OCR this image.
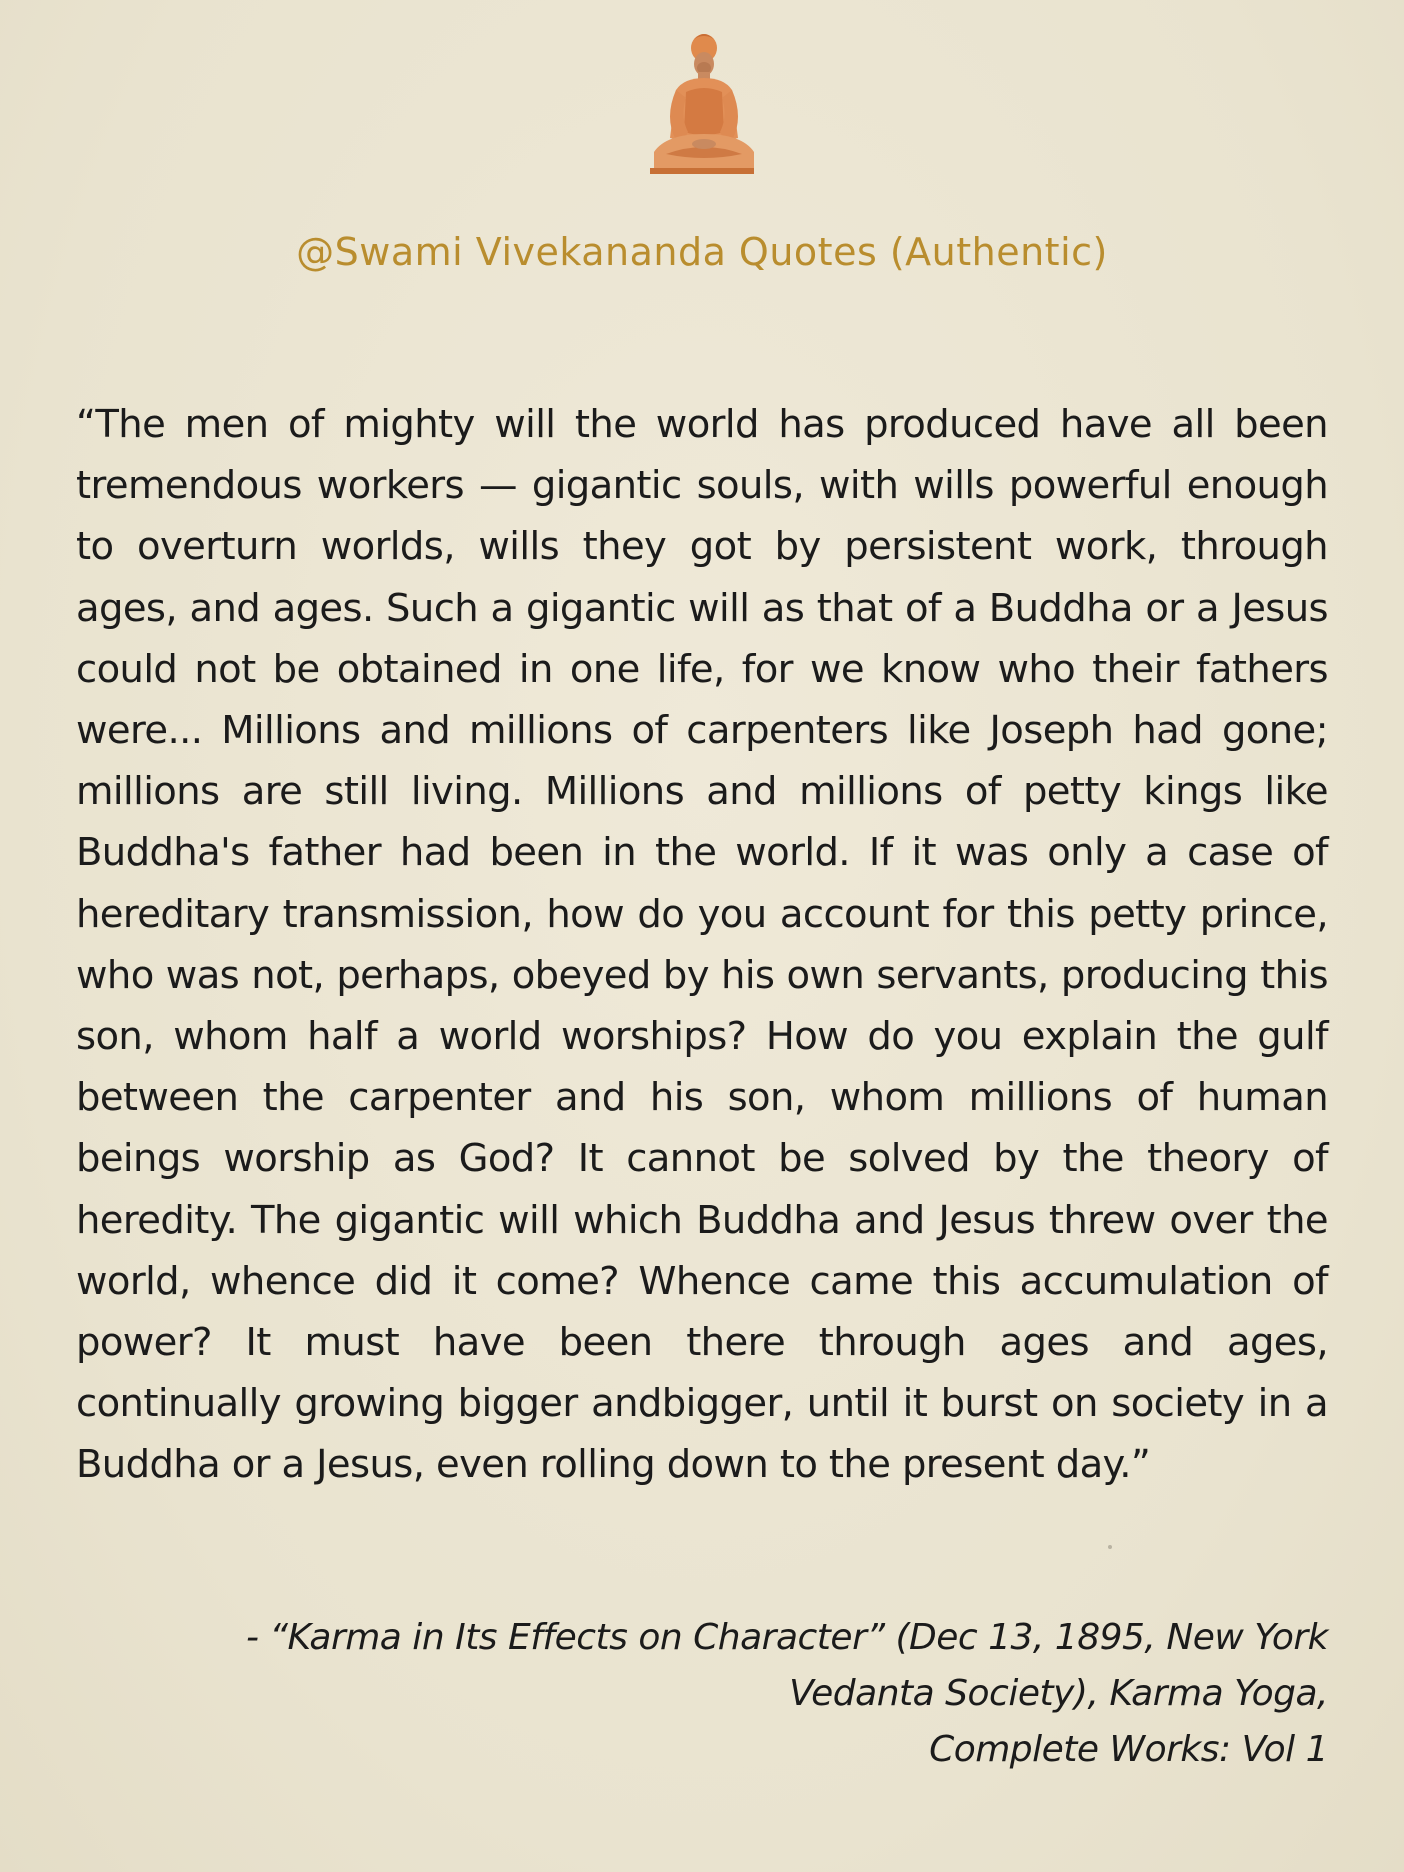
@Swami Vivekananda Quotes (Authentic)

“The men of mighty will the world has produced have all been tremendous workers — gigantic souls, with wills powerful enough to overturn worlds, wills they got by persistent work, through ages, and ages. Such a gigantic will as that of a Buddha or a Jesus could not be obtained in one life, for we know who their fathers were... Millions and millions of carpenters like Joseph had gone; millions are still living. Millions and millions of petty kings like Buddha's father had been in the world. If it was only a case of hereditary transmission, how do you account for this petty prince, who was not, perhaps, obeyed by his own servants, producing this son, whom half a world worships? How do you explain the gulf between the carpenter and his son, whom millions of human beings worship as God? It cannot be solved by the theory of heredity. The gigantic will which Buddha and Jesus threw over the world, whence did it come? Whence came this accumulation of power? It must have been there through ages and ages, continually growing bigger andbigger, until it burst on society in a Buddha or a Jesus, even rolling down to the present day.”

- “Karma in Its Effects on Character” (Dec 13, 1895, New York
Vedanta Society), Karma Yoga,
Complete Works: Vol 1
